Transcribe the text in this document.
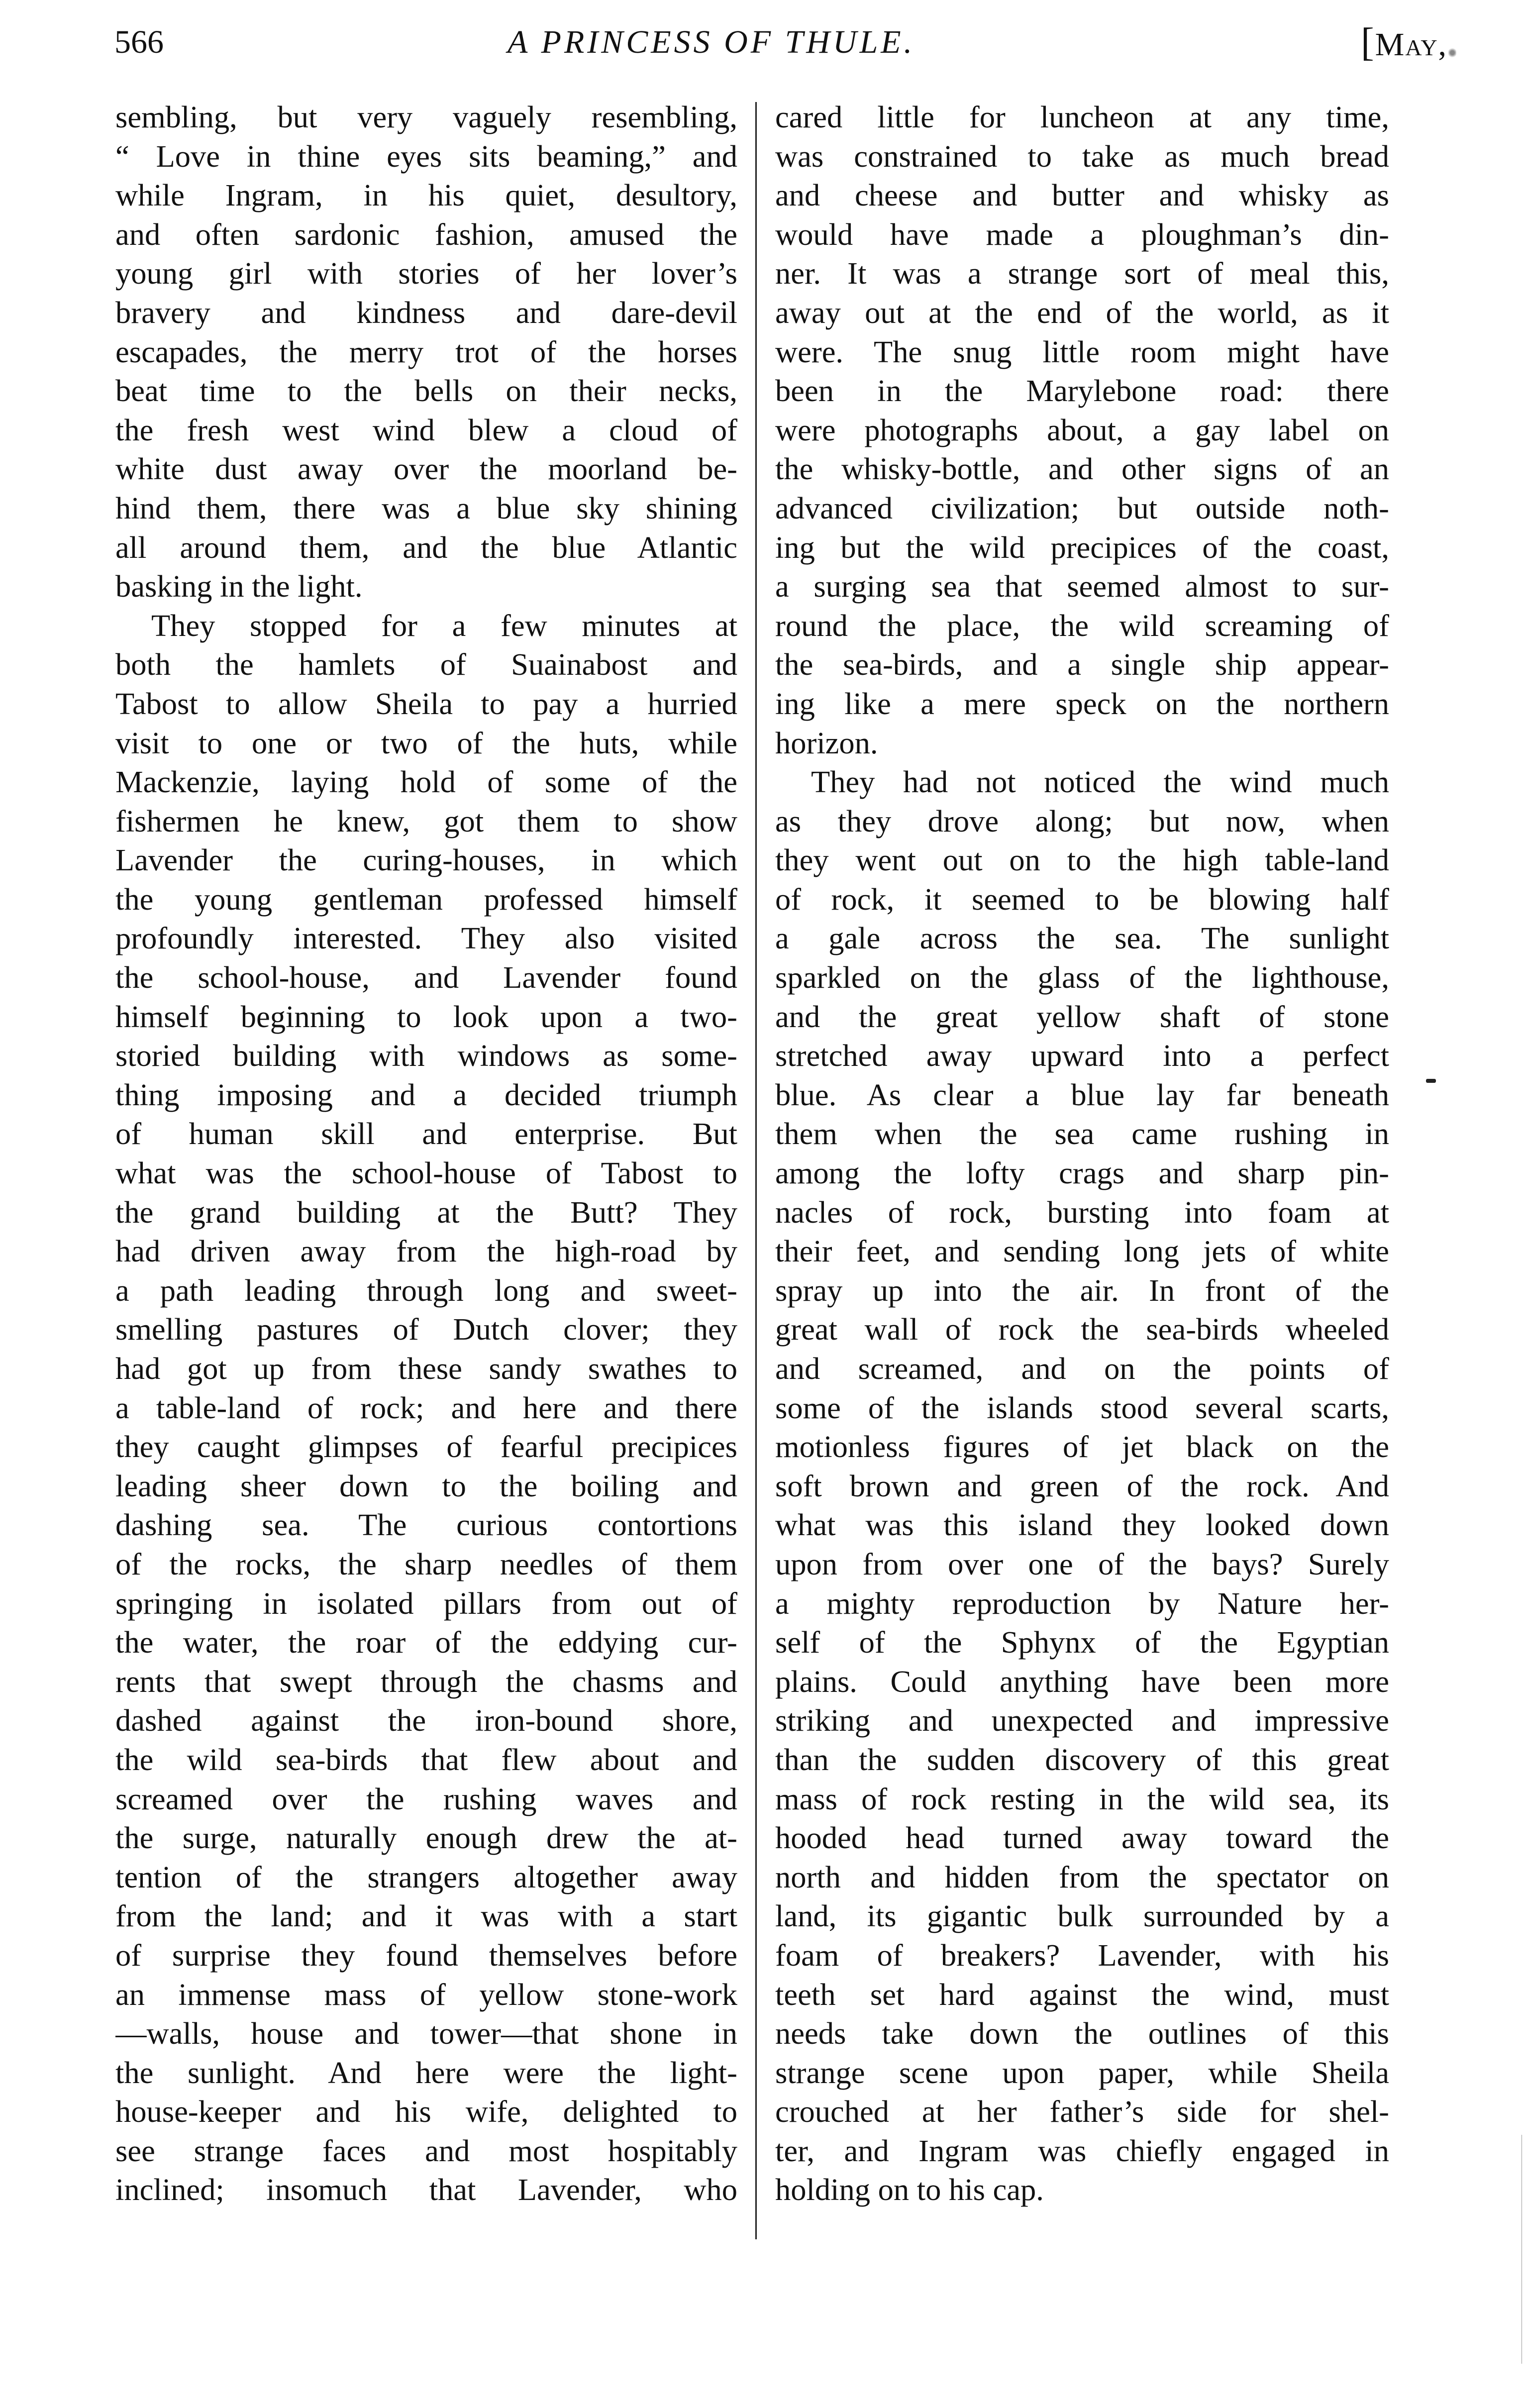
566	A PRINCESS OF THULE.	[May,
sembling, but very vaguely resembling,
“ Love in thine eyes sits beaming,” and
while Ingram, in his quiet, desultory,
and often sardonic fashion, amused the
young girl with stories of her lover’s
bravery and kindness and dare-devil
escapades, the merry trot of the horses
beat time to the bells on their necks,
the fresh west wind blew a cloud of
white dust away over the moorland be-
hind them, there was a blue sky shining
all around them, and the blue Atlantic
basking in the light.
They stopped for a few minutes at
both the hamlets of Suainabost and
Tabost to allow Sheila to pay a hurried
visit to one or two of the huts, while
Mackenzie, laying hold of some of the
fishermen he knew, got them to show
Lavender the curing-houses, in which
the young gentleman professed himself
profoundly interested. They also visited
the school-house, and Lavender found
himself beginning to look upon a two-
storied building with windows as some-
thing imposing and a decided triumph
of human skill and enterprise. But
what was the school-house of Tabost to
the grand building at the Butt? They
had driven away from the high-road by
a path leading through long and sweet-
smelling pastures of Dutch clover; they
had got up from these sandy swathes to
a table-land of rock; and here and there
they caught glimpses of fearful precipices
leading sheer down to the boiling and
dashing sea. The curious contortions
of the rocks, the sharp needles of them
springing in isolated pillars from out of
the water, the roar of the eddying cur-
rents that swept through the chasms and
dashed against the iron-bound shore,
the wild sea-birds that flew about and
screamed over the rushing waves and
the surge, naturally enough drew the at-
tention of the strangers altogether away
from the land; and it was with a start
of surprise they found themselves before
an immense mass of yellow stone-work
—walls, house and tower—that shone in
the sunlight. And here were the light-
house-keeper and his wife, delighted to
see strange faces and most hospitably
inclined; insomuch that Lavender, who
cared little for luncheon at any time,
was constrained to take as much bread
and cheese and butter and whisky as
would have made a ploughman’s din-
ner. It was a strange sort of meal this,
away out at the end of the world, as it
were. The snug little room might have
been in the Marylebone road: there
were photographs about, a gay label on
the whisky-bottle, and other signs of an
advanced civilization; but outside noth-
ing but the wild precipices of the coast,
a surging sea that seemed almost to sur-
round the place, the wild screaming of
the sea-birds, and a single ship appear-
ing like a mere speck on the northern
horizon.
They had not noticed the wind much
as they drove along; but now, when
they went out on to the high table-land
of rock, it seemed to be blowing half
a gale across the sea. The sunlight
sparkled on the glass of the lighthouse,
and the great yellow shaft of stone
stretched away upward into a perfect
blue. As clear a blue lay far beneath
them when the sea came rushing in
among the lofty crags and sharp pin-
nacles of rock, bursting into foam at
their feet, and sending long jets of white
spray up into the air. In front of the
great wall of rock the sea-birds wheeled
and screamed, and on the points of
some of the islands stood several scarts,
motionless figures of jet black on the
soft brown and green of the rock. And
what was this island they looked down
upon from over one of the bays? Surely
a mighty reproduction by Nature her-
self of the Sphynx of the Egyptian
plains. Could anything have been more
striking and unexpected and impressive
than the sudden discovery of this great
mass of rock resting in the wild sea, its
hooded head turned away toward the
north and hidden from the spectator on
land, its gigantic bulk surrounded by a
foam of breakers? Lavender, with his
teeth set hard against the wind, must
needs take down the outlines of this
strange scene upon paper, while Sheila
crouched at her father’s side for shel-
ter, and Ingram was chiefly engaged in
holding on to his cap.
